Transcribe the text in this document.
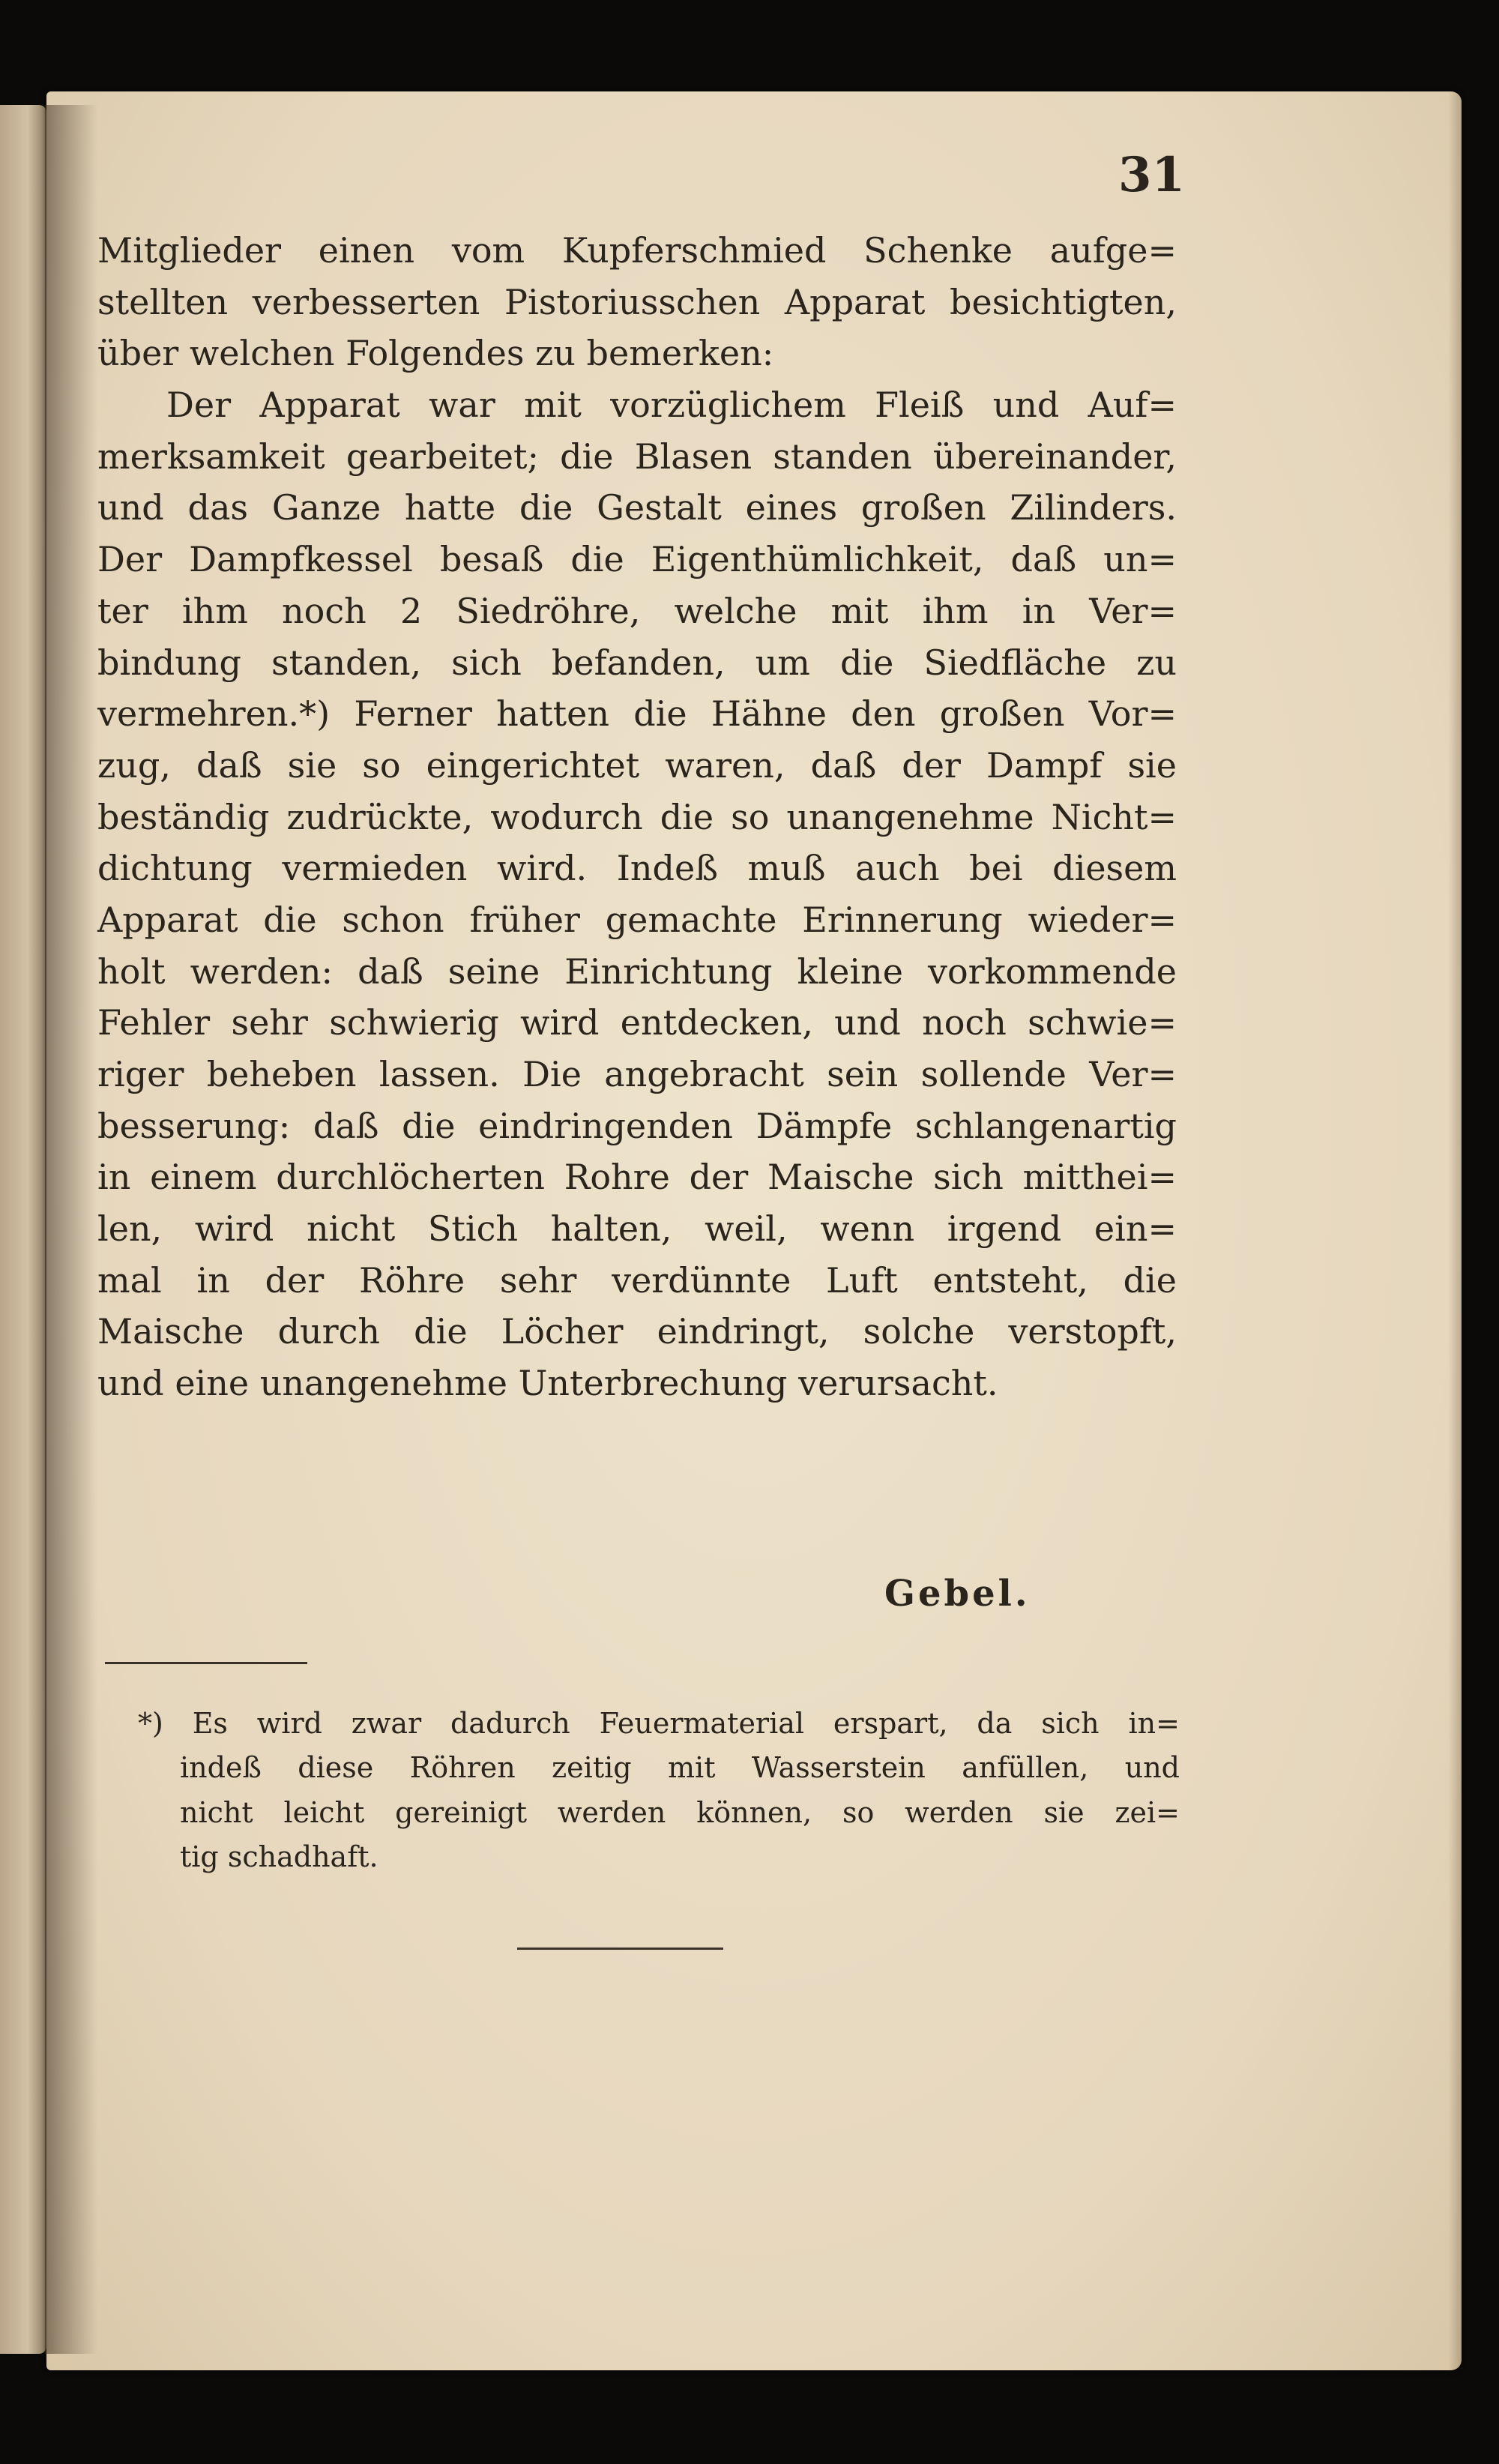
31
Mitglieder einen vom Kupferschmied Schenke aufge=
stellten verbesserten Pistoriusschen Apparat besichtigten,
über welchen Folgendes zu bemerken:
Der Apparat war mit vorzüglichem Fleiß und Auf=
merksamkeit gearbeitet; die Blasen standen übereinander,
und das Ganze hatte die Gestalt eines großen Zilinders.
Der Dampfkessel besaß die Eigenthümlichkeit, daß un=
ter ihm noch 2 Siedröhre, welche mit ihm in Ver=
bindung standen, sich befanden, um die Siedfläche zu
vermehren.*) Ferner hatten die Hähne den großen Vor=
zug, daß sie so eingerichtet waren, daß der Dampf sie
beständig zudrückte, wodurch die so unangenehme Nicht=
dichtung vermieden wird. Indeß muß auch bei diesem
Apparat die schon früher gemachte Erinnerung wieder=
holt werden: daß seine Einrichtung kleine vorkommende
Fehler sehr schwierig wird entdecken, und noch schwie=
riger beheben lassen. Die angebracht sein sollende Ver=
besserung: daß die eindringenden Dämpfe schlangenartig
in einem durchlöcherten Rohre der Maische sich mitthei=
len, wird nicht Stich halten, weil, wenn irgend ein=
mal in der Röhre sehr verdünnte Luft entsteht, die
Maische durch die Löcher eindringt, solche verstopft,
und eine unangenehme Unterbrechung verursacht.
Gebel.
*) Es wird zwar dadurch Feuermaterial erspart, da sich in=
indeß diese Röhren zeitig mit Wasserstein anfüllen, und
nicht leicht gereinigt werden können, so werden sie zei=
tig schadhaft.
